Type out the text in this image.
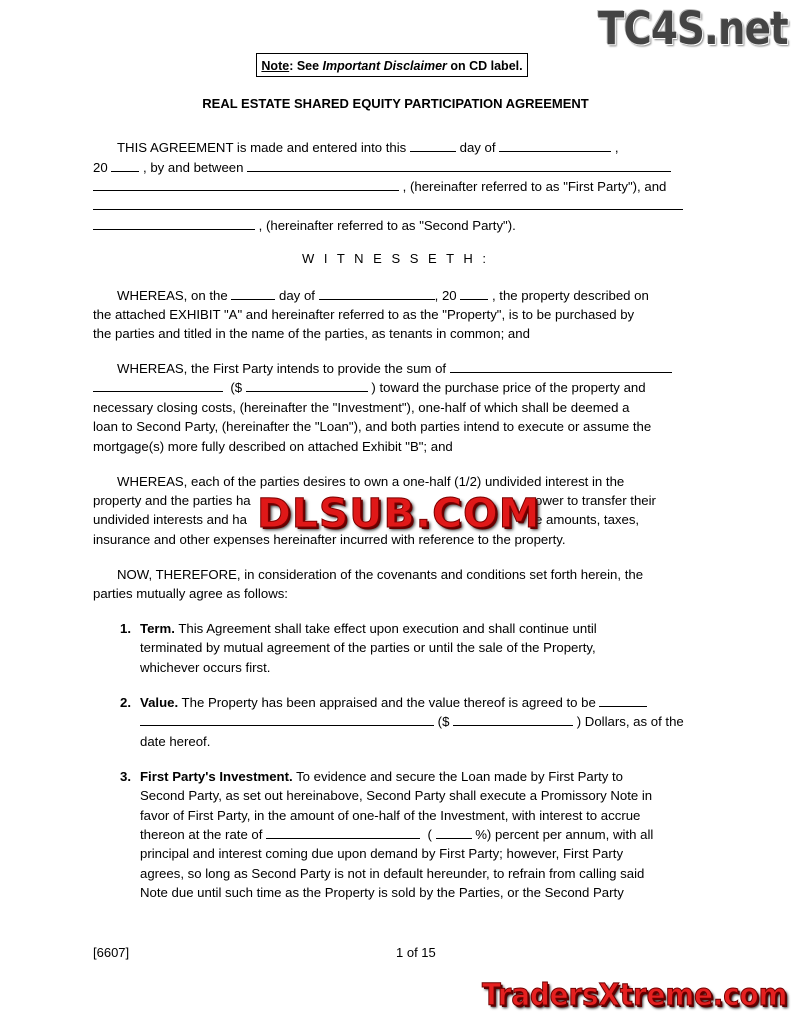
TC4S.net
Note: See Important Disclaimer on CD label.
REAL ESTATE SHARED EQUITY PARTICIPATION AGREEMENT
THIS AGREEMENT is made and entered into this	day of	,
20	, by and between
, (hereinafter referred to as "First Party"), and
, (hereinafter referred to as "Second Party").
W I T N E S S E T H :
WHEREAS, on the	day of	, 20	, the property described on
the attached EXHIBIT "A" and hereinafter referred to as the "Property", is to be purchased by
the parties and titled in the name of the parties, as tenants in common; and
WHEREAS, the First Party intends to provide the sum of
($	) toward the purchase price of the property and
necessary closing costs, (hereinafter the "Investment"), one-half of which shall be deemed a
loan to Second Party, (hereinafter the "Loan"), and both parties intend to execute or assume the
mortgage(s) more fully described on attached Exhibit "B"; and
WHEREAS, each of the parties desires to own a one-half (1/2) undivided interest in the
property and the parties ha	ower to transfer their
undivided interests and ha	e amounts, taxes,
insurance and other expenses hereinafter incurred with reference to the property.
DLSUB.COM
NOW, THEREFORE, in consideration of the covenants and conditions set forth herein, the
parties mutually agree as follows:
1. Term. This Agreement shall take effect upon execution and shall continue until
terminated by mutual agreement of the parties or until the sale of the Property,
whichever occurs first.
2. Value. The Property has been appraised and the value thereof is agreed to be
($	) Dollars, as of the
date hereof.
3. First Party's Investment. To evidence and secure the Loan made by First Party to
Second Party, as set out hereinabove, Second Party shall execute a Promissory Note in
favor of First Party, in the amount of one-half of the Investment, with interest to accrue
thereon at the rate of	(	%) percent per annum, with all
principal and interest coming due upon demand by First Party; however, First Party
agrees, so long as Second Party is not in default hereunder, to refrain from calling said
Note due until such time as the Property is sold by the Parties, or the Second Party
[6607]	1 of 15
TradersXtreme.com
